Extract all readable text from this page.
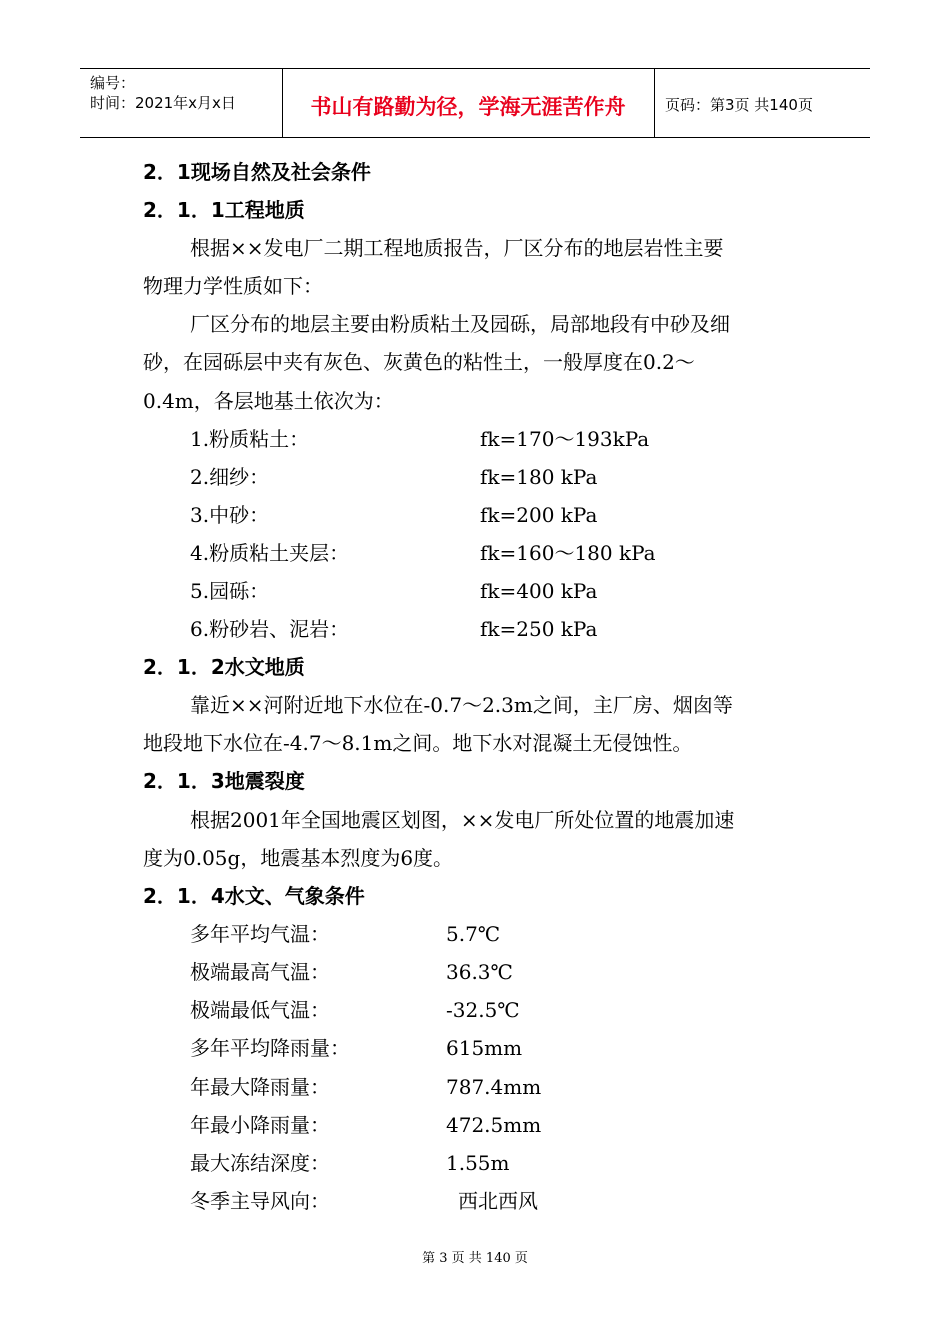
编号：
时间：2021年x月x日	书山有路勤为径，学海无涯苦作舟	页码：第3页 共140页
2．1现场自然及社会条件
2．1．1工程地质
根据××发电厂二期工程地质报告，厂区分布的地层岩性主要
物理力学性质如下：
厂区分布的地层主要由粉质粘土及园砾，局部地段有中砂及细
砂，在园砾层中夹有灰色、灰黄色的粘性土，一般厚度在0.2～
0.4m，各层地基土依次为：
1.粉质粘土：	fk=170～193kPa
2.细纱：	fk=180 kPa
3.中砂：	fk=200 kPa
4.粉质粘土夹层：	fk=160～180 kPa
5.园砾：	fk=400 kPa
6.粉砂岩、泥岩：	fk=250 kPa
2．1．2水文地质
靠近××河附近地下水位在-0.7～2.3m之间，主厂房、烟囱等
地段地下水位在-4.7～8.1m之间。地下水对混凝土无侵蚀性。
2．1．3地震裂度
根据2001年全国地震区划图，××发电厂所处位置的地震加速
度为0.05g，地震基本烈度为6度。
2．1．4水文、气象条件
多年平均气温：	5.7℃
极端最高气温：	36.3℃
极端最低气温：	-32.5℃
多年平均降雨量：	615mm
年最大降雨量：	787.4mm
年最小降雨量：	472.5mm
最大冻结深度：	1.55m
冬季主导风向：	西北西风
第 3 页 共 140 页
